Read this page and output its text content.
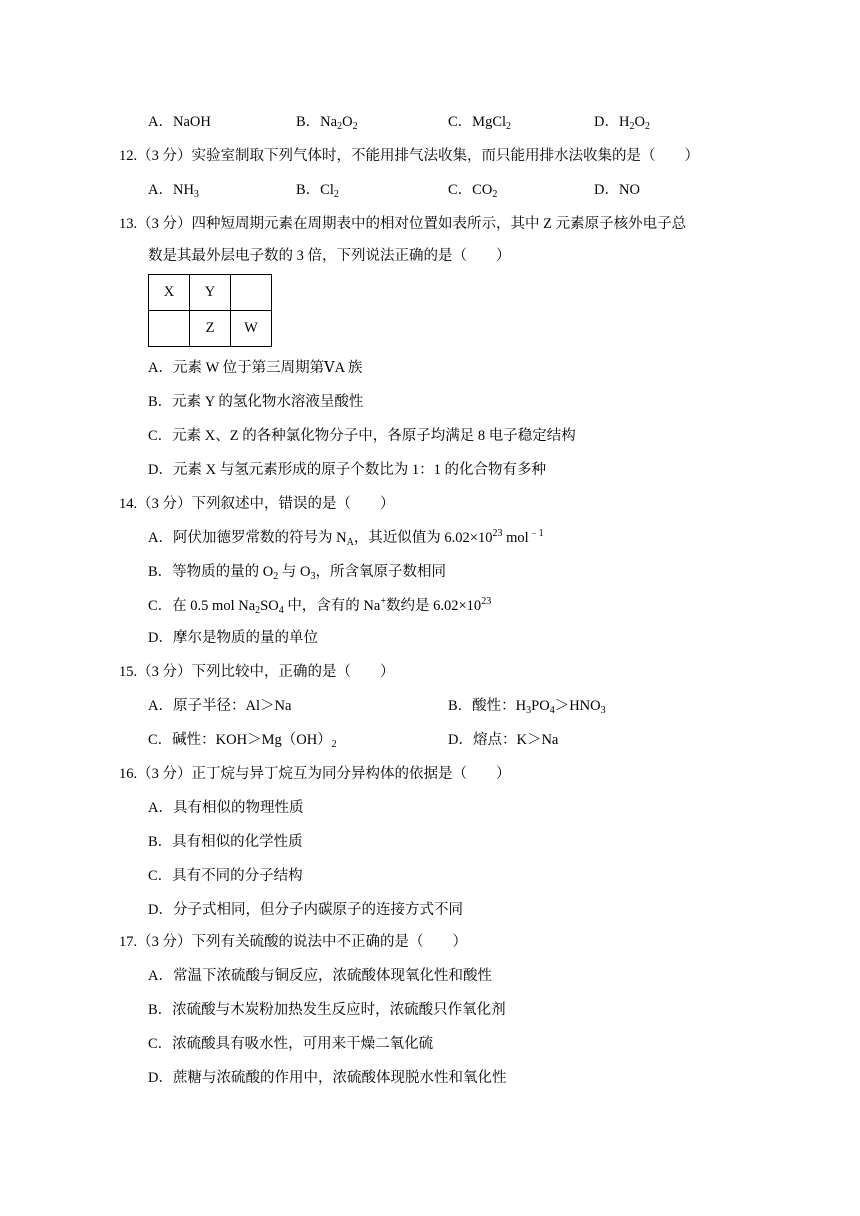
A．NaOH	B．$Na_2O_2$	C．MgCl$_2$	D．$H_2O_2$
12.（3 分）实验室制取下列气体时，不能用排气法收集，而只能用排水法收集的是（　　）
A．$NH_3$	B．$Cl_2$	C．$CO_2$	D．NO
13.（3 分）四种短周期元素在周期表中的相对位置如表所示，其中 Z 元素原子核外电子总
数是其最外层电子数的 3 倍，下列说法正确的是（　　）
X	Y	
	Z	W
A．元素 W 位于第三周期第ⅤA 族
B．元素 Y 的氢化物水溶液呈酸性
C．元素 X、Z 的各种氯化物分子中，各原子均满足 8 电子稳定结构
D．元素 X 与氢元素形成的原子个数比为 1：1 的化合物有多种
14.（3 分）下列叙述中，错误的是（　　）
A．阿伏加德罗常数的符号为 $N_A$，其近似值为 $6.02\times 10^{23}$ mol$^{﹣1}$
B．等物质的量的 $O_2$ 与 $O_3$，所含氧原子数相同
C．在 0.5 mol $Na_2SO_4$ 中，含有的 Na+数约是 $6.02\times 10^{23}$
D．摩尔是物质的量的单位
15.（3 分）下列比较中，正确的是（　　）
A．原子半径：Al＞Na	B．酸性：$H_3PO_4>HNO_3$
C．碱性：$KOH>Mg(OH)_2$	D．熔点：K＞Na
16.（3 分）正丁烷与异丁烷互为同分异构体的依据是（　　）
A．具有相似的物理性质
B．具有相似的化学性质
C．具有不同的分子结构
D．分子式相同，但分子内碳原子的连接方式不同
17.（3 分）下列有关硫酸的说法中不正确的是（　　）
A．常温下浓硫酸与铜反应，浓硫酸体现氧化性和酸性
B．浓硫酸与木炭粉加热发生反应时，浓硫酸只作氧化剂
C．浓硫酸具有吸水性，可用来干燥二氧化硫
D．蔗糖与浓硫酸的作用中，浓硫酸体现脱水性和氧化性
